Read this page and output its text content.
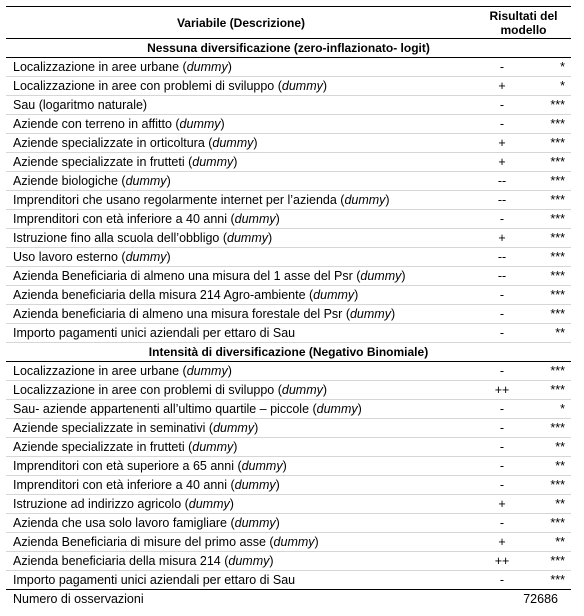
Variabile (Descrizione)	Risultati del
modello
Nessuna diversificazione (zero-inflazionato- logit)	
Localizzazione in aree urbane (dummy)	- *

Localizzazione in aree con problemi di sviluppo (dummy)	+ *

Sau (logaritmo naturale)	- ***

Aziende con terreno in affitto (dummy)	- ***

Aziende specializzate in orticoltura (dummy)	+ ***

Aziende specializzate in frutteti (dummy)	+ ***

Aziende biologiche (dummy)	-- ***

Imprenditori che usano regolarmente internet per l’azienda (dummy)	-- ***

Imprenditori con età inferiore a 40 anni (dummy)	- ***

Istruzione fino alla scuola dell’obbligo (dummy)	+ ***

Uso lavoro esterno (dummy)	-- ***

Azienda Beneficiaria di almeno una misura del 1 asse del Psr (dummy)	-- ***

Azienda beneficiaria della misura 214 Agro-ambiente (dummy)	- ***

Azienda beneficiaria di almeno una misura forestale del Psr (dummy)	- ***

Importo pagamenti unici aziendali per ettaro di Sau	- **

Intensità di diversificazione (Negativo Binomiale)	
Localizzazione in aree urbane (dummy)	- ***

Localizzazione in aree con problemi di sviluppo (dummy)	++ ***

Sau- aziende appartenenti all’ultimo quartile – piccole (dummy)	- *

Aziende specializzate in seminativi (dummy)	- ***

Aziende specializzate in frutteti (dummy)	- **

Imprenditori con età superiore a 65 anni (dummy)	- **

Imprenditori con età inferiore a 40 anni (dummy)	- ***

Istruzione ad indirizzo agricolo (dummy)	+ **

Azienda che usa solo lavoro famigliare (dummy)	- ***

Azienda Beneficiaria di misure del primo asse (dummy)	+ **

Azienda beneficiaria della misura 214 (dummy)	++ ***

Importo pagamenti unici aziendali per ettaro di Sau	- ***

Numero di osservazioni	72686
